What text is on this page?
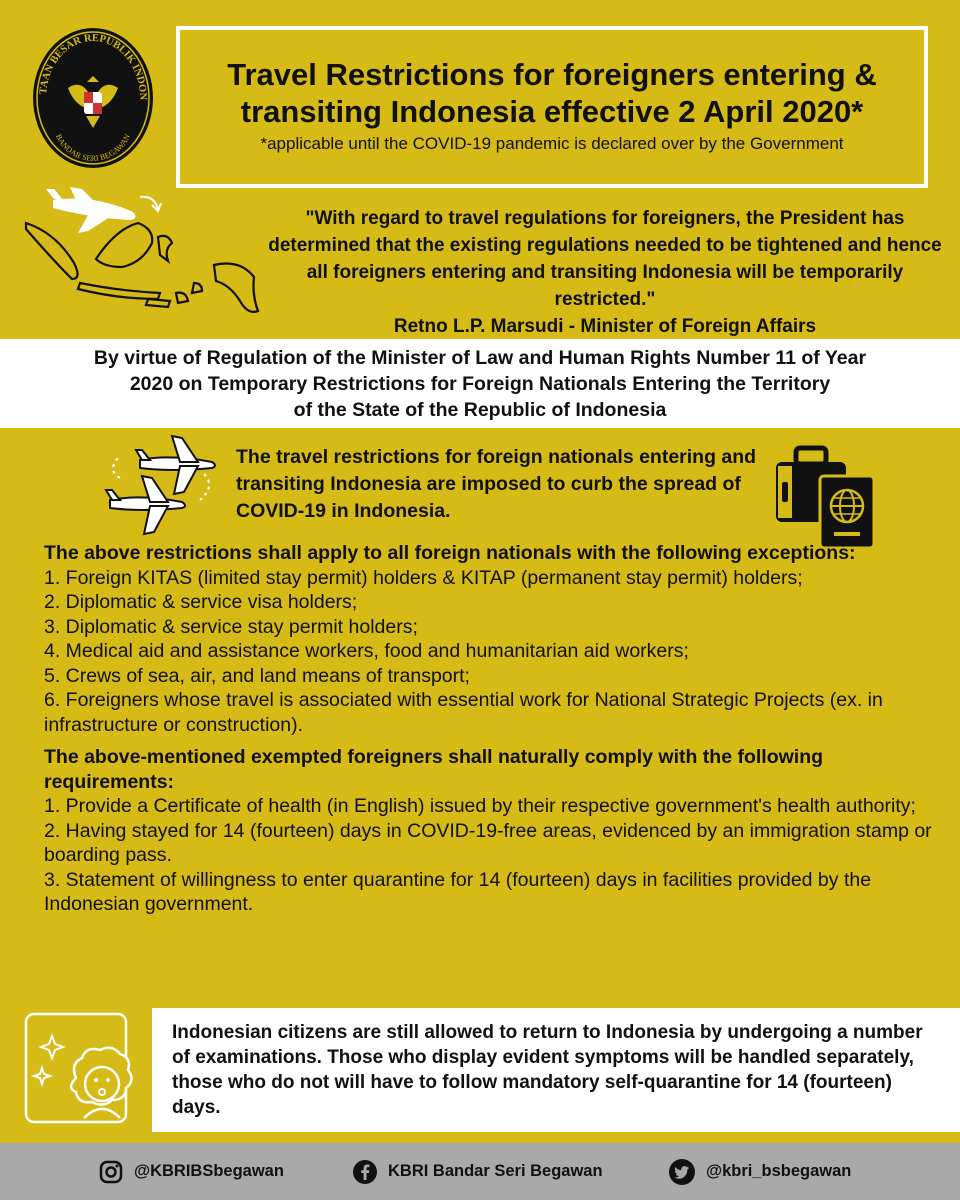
TAAN BESAR REPUBLIK INDON
BANDAR SERI BEGAWAN
Travel Restrictions for foreigners entering & transiting Indonesia effective 2 April 2020*
*applicable until the COVID-19 pandemic is declared over by the Government
"With regard to travel regulations for foreigners, the President has determined that the existing regulations needed to be tightened and hence all foreigners entering and transiting Indonesia will be temporarily restricted."
Retno L.P. Marsudi - Minister of Foreign Affairs
By virtue of Regulation of the Minister of Law and Human Rights Number 11 of Year
2020 on Temporary Restrictions for Foreign Nationals Entering the Territory
of the State of the Republic of Indonesia
The travel restrictions for foreign nationals entering and transiting Indonesia are imposed to curb the spread of COVID-19 in Indonesia.

The above restrictions shall apply to all foreign nationals with the following exceptions:

1. Foreign KITAS (limited stay permit) holders & KITAP (permanent stay permit) holders;

2. Diplomatic & service visa holders;

3. Diplomatic & service stay permit holders;

4. Medical aid and assistance workers, food and humanitarian aid workers;

5. Crews of sea, air, and land means of transport;

6. Foreigners whose travel is associated with essential work for National Strategic Projects (ex. in infrastructure or construction).

The above-mentioned exempted foreigners shall naturally comply with the following requirements:

1. Provide a Certificate of health (in English) issued by their respective government's health authority;

2. Having stayed for 14 (fourteen) days in COVID-19-free areas, evidenced by an immigration stamp or boarding pass.

3. Statement of willingness to enter quarantine for 14 (fourteen) days in facilities provided by the Indonesian government.

Indonesian citizens are still allowed to return to Indonesia by undergoing a number of examinations. Those who display evident symptoms will be handled separately, those who do not will have to follow mandatory self-quarantine for 14 (fourteen) days.
@KBRIBSbegawan	KBRI Bandar Seri Begawan	@kbri_bsbegawan
